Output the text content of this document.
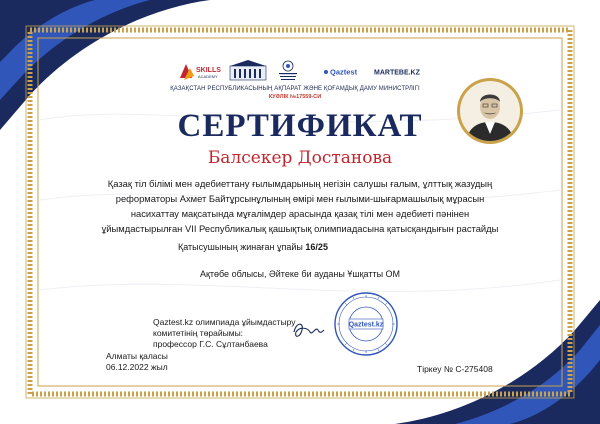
SKILLS
ACADEMY	Qaztest MARTEBE.KZ
ҚАЗАҚСТАН РЕСПУБЛИКАСЫНЫҢ АҚПАРАТ ЖӘНЕ ҚОҒАМДЫҚ ДАМУ МИНИСТРЛІГІ
КУӘЛІК №17559-СИ
СЕРТИФИКАТ
Балсекер Достанова
Қазақ тіл білімі мен әдебиеттану ғылымдарының негізін салушы ғалым, ұлттық жазудың
реформаторы Ахмет Байтұрсынұлының өмірі мен ғылыми-шығармашылық мұрасын
насихаттау мақсатында мұғалімдер арасында қазақ тілі мен әдебиеті пәнінен
ұйымдастырылған VII Республикалық қашықтық олимпиадасына қатысқандығын растайды
Қатысушының жинаған ұпайы 16/25
Ақтөбе облысы, Әйтеке би ауданы Ұшқатты ОМ
Qaztest.kz олимпиада ұйымдастыру
комитетінің төрайымы:
профессор Г.С. Сұлтанбаева
Qaztest.kz
Алматы қаласы
06.12.2022 жыл	Тіркеу № С-275408
